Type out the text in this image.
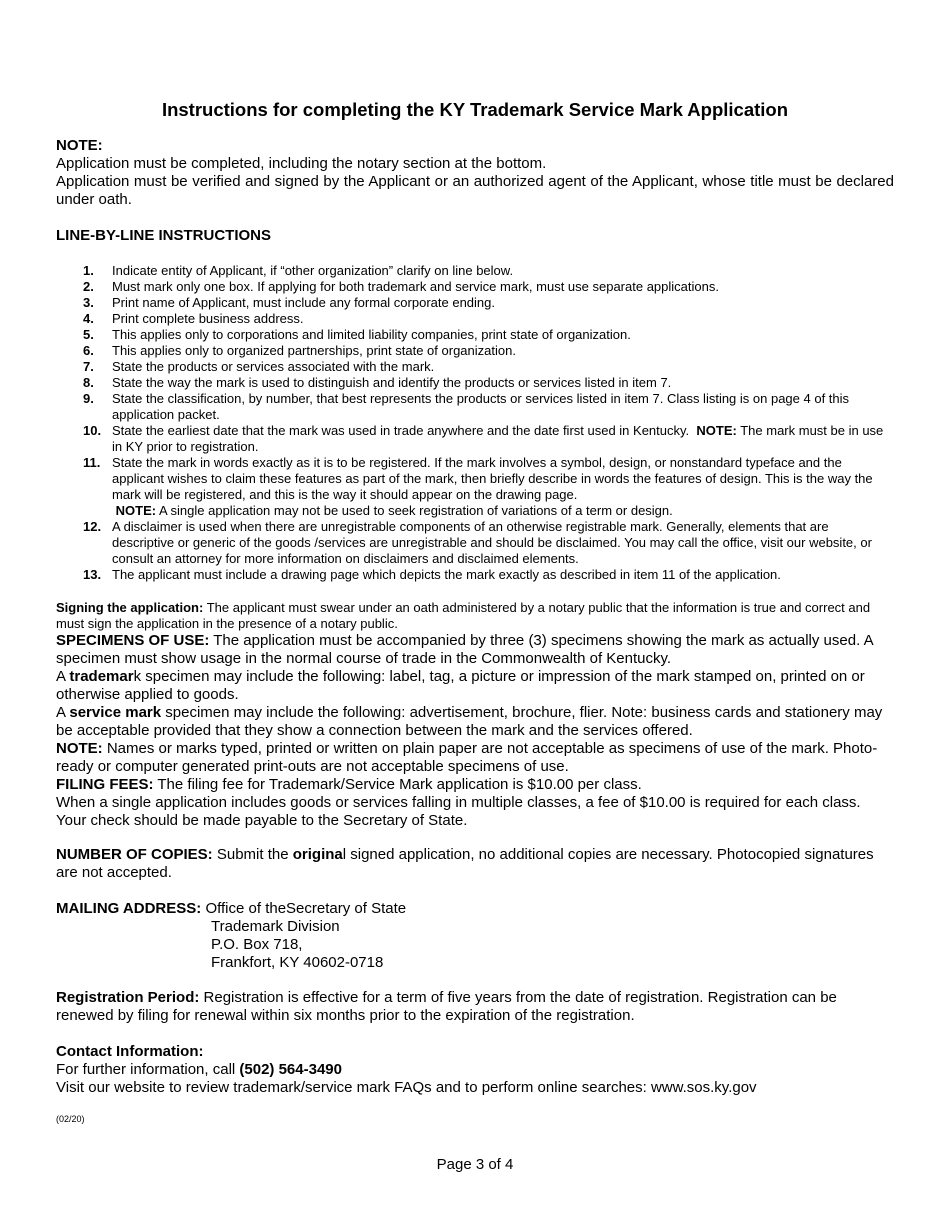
Instructions for completing the KY Trademark Service Mark Application
NOTE:
Application must be completed, including the notary section at the bottom.
Application must be verified and signed by the Applicant or an authorized agent of the Applicant, whose title must be declared under oath.
LINE-BY-LINE INSTRUCTIONS
1. Indicate entity of Applicant, if “other organization” clarify on line below.
2. Must mark only one box. If applying for both trademark and service mark, must use separate applications.
3. Print name of Applicant, must include any formal corporate ending.
4. Print complete business address.
5. This applies only to corporations and limited liability companies, print state of organization.
6. This applies only to organized partnerships, print state of organization.
7. State the products or services associated with the mark.
8. State the way the mark is used to distinguish and identify the products or services listed in item 7.
9. State the classification, by number, that best represents the products or services listed in item 7. Class listing is on page 4 of this application packet.
10. State the earliest date that the mark was used in trade anywhere and the date first used in Kentucky. NOTE: The mark must be in use in KY prior to registration.
11. State the mark in words exactly as it is to be registered. If the mark involves a symbol, design, or nonstandard typeface and the applicant wishes to claim these features as part of the mark, then briefly describe in words the features of design. This is the way the mark will be registered, and this is the way it should appear on the drawing page.
NOTE: A single application may not be used to seek registration of variations of a term or design.
12. A disclaimer is used when there are unregistrable components of an otherwise registrable mark. Generally, elements that are descriptive or generic of the goods /services are unregistrable and should be disclaimed. You may call the office, visit our website, or consult an attorney for more information on disclaimers and disclaimed elements.
13. The applicant must include a drawing page which depicts the mark exactly as described in item 11 of the application.
Signing the application: The applicant must swear under an oath administered by a notary public that the information is true and correct and must sign the application in the presence of a notary public.
SPECIMENS OF USE: The application must be accompanied by three (3) specimens showing the mark as actually used. A specimen must show usage in the normal course of trade in the Commonwealth of Kentucky.
A trademark specimen may include the following: label, tag, a picture or impression of the mark stamped on, printed on or otherwise applied to goods.
A service mark specimen may include the following: advertisement, brochure, flier. Note: business cards and stationery may be acceptable provided that they show a connection between the mark and the services offered.
NOTE: Names or marks typed, printed or written on plain paper are not acceptable as specimens of use of the mark. Photo-ready or computer generated print-outs are not acceptable specimens of use.
FILING FEES: The filing fee for Trademark/Service Mark application is $10.00 per class.
When a single application includes goods or services falling in multiple classes, a fee of $10.00 is required for each class. Your check should be made payable to the Secretary of State.
NUMBER OF COPIES: Submit the original signed application, no additional copies are necessary. Photocopied signatures are not accepted.
MAILING ADDRESS: Office of theSecretary of State
Trademark Division
P.O. Box 718,
Frankfort, KY 40602-0718
Registration Period: Registration is effective for a term of five years from the date of registration. Registration can be renewed by filing for renewal within six months prior to the expiration of the registration.
Contact Information:
For further information, call (502) 564-3490
Visit our website to review trademark/service mark FAQs and to perform online searches: www.sos.ky.gov
(02/20)
Page 3 of 4
